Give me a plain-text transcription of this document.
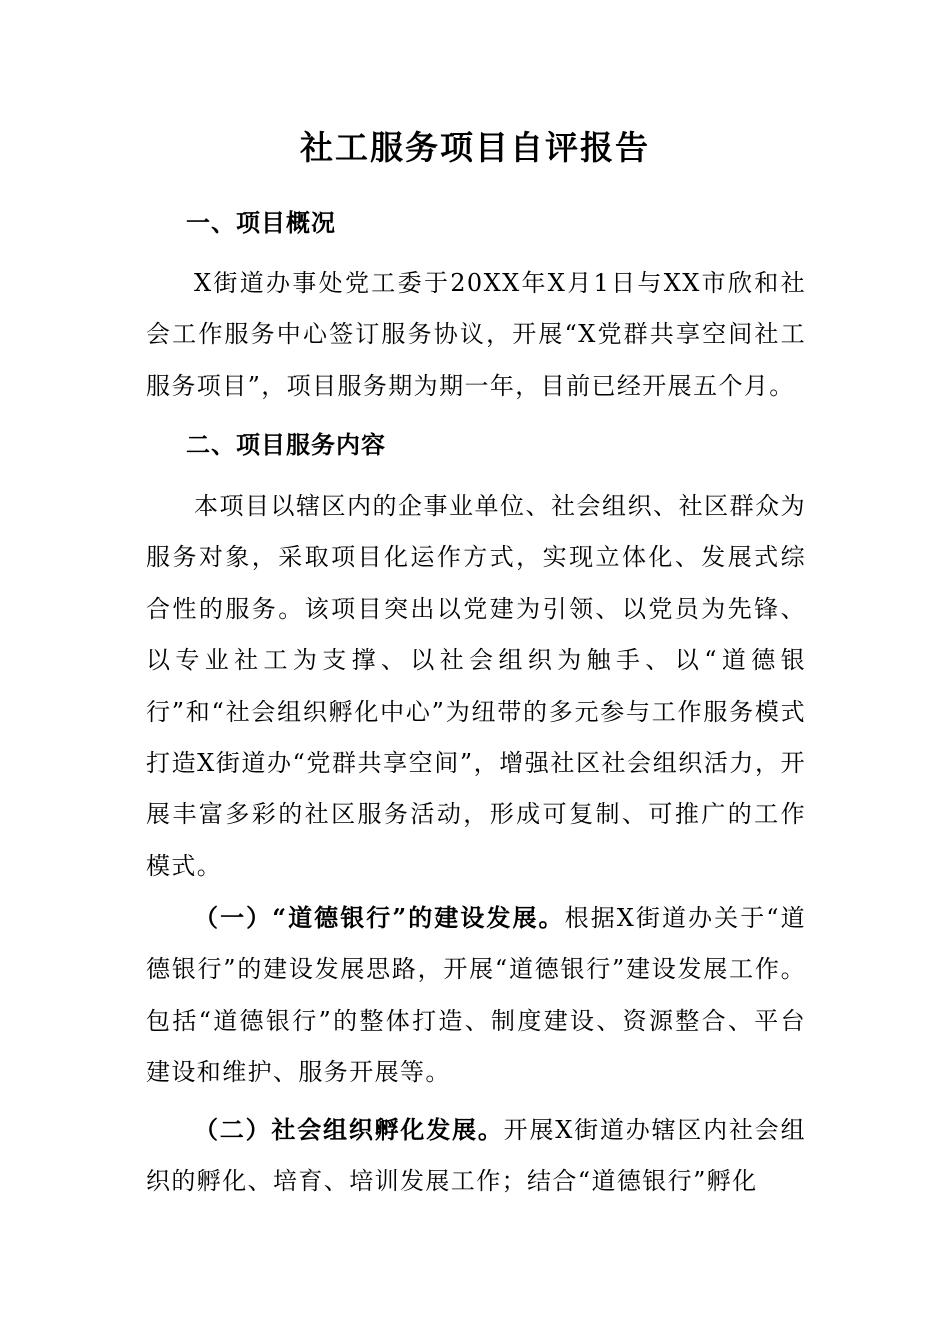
社工服务项目自评报告
一、项目概况
X街道办事处党工委于20XX年X月1日与XX市欣和社会工作服务中心签订服务协议，开展“X党群共享空间社工服务项目”，项目服务期为期一年，目前已经开展五个月。
二、项目服务内容
本项目以辖区内的企事业单位、社会组织、社区群众为服务对象，采取项目化运作方式，实现立体化、发展式综合性的服务。该项目突出以党建为引领、以党员为先锋、以专业社工为支撑、以社会组织为触手、以“道德银行”和“社会组织孵化中心”为纽带的多元参与工作服务模式打造X街道办“党群共享空间”，增强社区社会组织活力，开展丰富多彩的社区服务活动，形成可复制、可推广的工作模式。
（一）“道德银行”的建设发展。根据X街道办关于“道德银行”的建设发展思路，开展“道德银行”建设发展工作。包括“道德银行”的整体打造、制度建设、资源整合、平台建设和维护、服务开展等。
（二）社会组织孵化发展。开展X街道办辖区内社会组织的孵化、培育、培训发展工作；结合“道德银行”孵化
